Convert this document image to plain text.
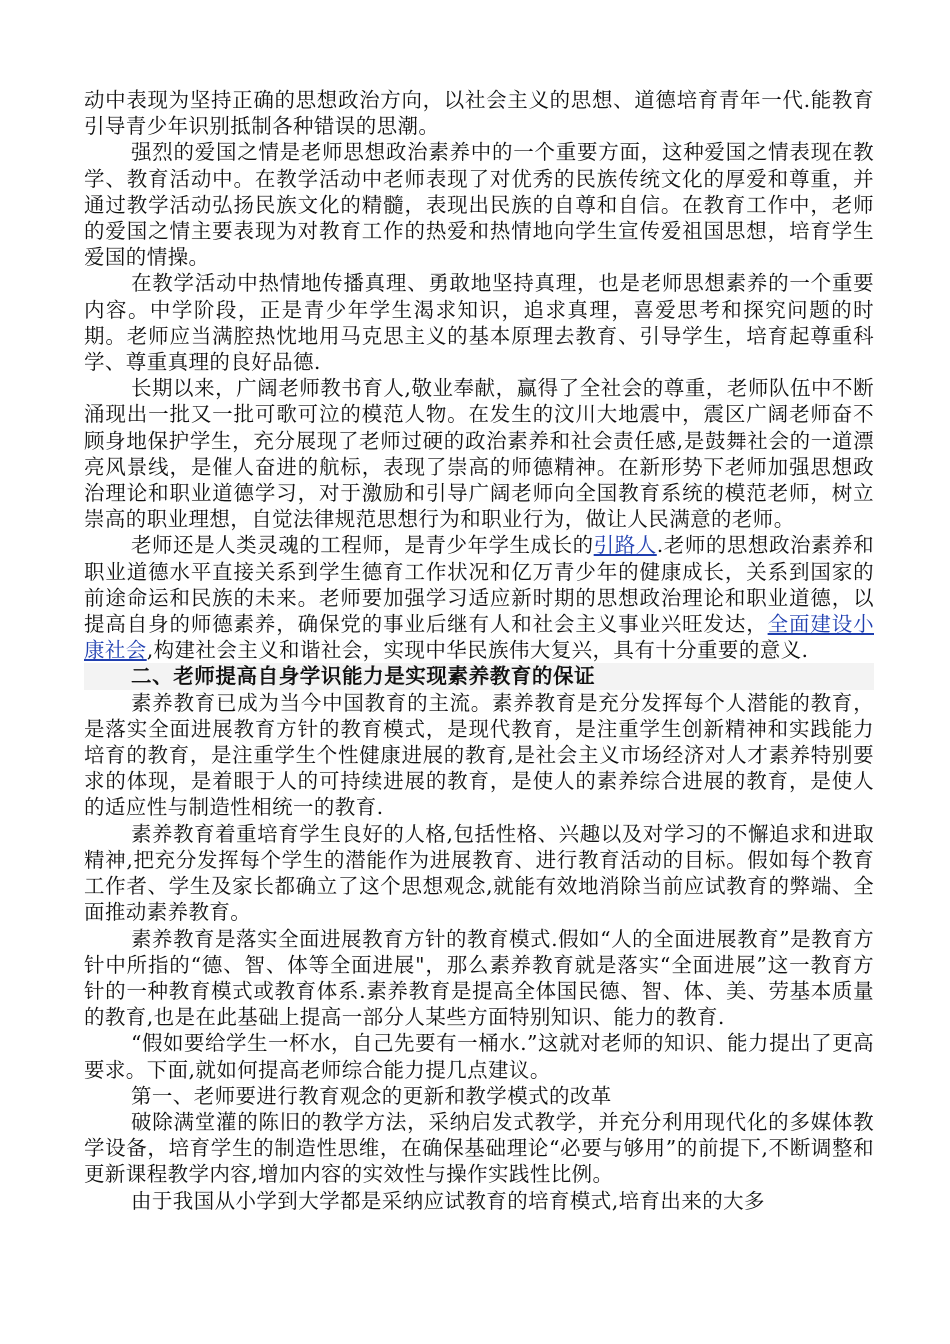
动中表现为坚持正确的思想政治方向，以社会主义的思想、道德培育青年一代.能教育引导青少年识别抵制各种错误的思潮。

强烈的爱国之情是老师思想政治素养中的一个重要方面，这种爱国之情表现在教学、教育活动中。在教学活动中老师表现了对优秀的民族传统文化的厚爱和尊重，并通过教学活动弘扬民族文化的精髓，表现出民族的自尊和自信。在教育工作中，老师的爱国之情主要表现为对教育工作的热爱和热情地向学生宣传爱祖国思想，培育学生爱国的情操。

在教学活动中热情地传播真理、勇敢地坚持真理，也是老师思想素养的一个重要内容。中学阶段，正是青少年学生渴求知识，追求真理，喜爱思考和探究问题的时期。老师应当满腔热忱地用马克思主义的基本原理去教育、引导学生，培育起尊重科学、尊重真理的良好品德.

长期以来，广阔老师教书育人,敬业奉献，赢得了全社会的尊重，老师队伍中不断涌现出一批又一批可歌可泣的模范人物。在发生的汶川大地震中，震区广阔老师奋不顾身地保护学生，充分展现了老师过硬的政治素养和社会责任感,是鼓舞社会的一道漂亮风景线，是催人奋进的航标，表现了崇高的师德精神。在新形势下老师加强思想政治理论和职业道德学习，对于激励和引导广阔老师向全国教育系统的模范老师，树立崇高的职业理想，自觉法律规范思想行为和职业行为，做让人民满意的老师。

老师还是人类灵魂的工程师，是青少年学生成长的引路人.老师的思想政治素养和职业道德水平直接关系到学生德育工作状况和亿万青少年的健康成长，关系到国家的前途命运和民族的未来。老师要加强学习适应新时期的思想政治理论和职业道德，以提高自身的师德素养，确保党的事业后继有人和社会主义事业兴旺发达，全面建设小康社会,构建社会主义和谐社会，实现中华民族伟大复兴，具有十分重要的意义.

二、老师提高自身学识能力是实现素养教育的保证

素养教育已成为当今中国教育的主流。素养教育是充分发挥每个人潜能的教育，是落实全面进展教育方针的教育模式，是现代教育，是注重学生创新精神和实践能力培育的教育，是注重学生个性健康进展的教育,是社会主义市场经济对人才素养特别要求的体现，是着眼于人的可持续进展的教育，是使人的素养综合进展的教育，是使人的适应性与制造性相统一的教育.

素养教育着重培育学生良好的人格,包括性格、兴趣以及对学习的不懈追求和进取精神,把充分发挥每个学生的潜能作为进展教育、进行教育活动的目标。假如每个教育工作者、学生及家长都确立了这个思想观念,就能有效地消除当前应试教育的弊端、全面推动素养教育。

素养教育是落实全面进展教育方针的教育模式.假如“人的全面进展教育”是教育方针中所指的“德、智、体等全面进展"，那么素养教育就是落实“全面进展”这一教育方针的一种教育模式或教育体系.素养教育是提高全体国民德、智、体、美、劳基本质量的教育,也是在此基础上提高一部分人某些方面特别知识、能力的教育.

“假如要给学生一杯水，自己先要有一桶水.”这就对老师的知识、能力提出了更高要求。下面,就如何提高老师综合能力提几点建议。

第一、老师要进行教育观念的更新和教学模式的改革

破除满堂灌的陈旧的教学方法，采纳启发式教学，并充分利用现代化的多媒体教学设备，培育学生的制造性思维，在确保基础理论“必要与够用”的前提下,不断调整和更新课程教学内容,增加内容的实效性与操作实践性比例。

由于我国从小学到大学都是采纳应试教育的培育模式,培育出来的大多
